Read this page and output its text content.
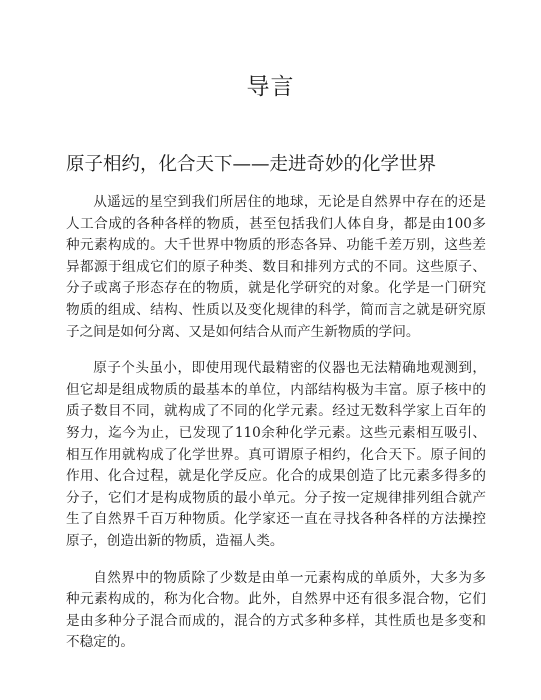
导言
原子相约，化合天下——走进奇妙的化学世界

从遥远的星空到我们所居住的地球，无论是自然界中存在的还是人工合成的各种各样的物质，甚至包括我们人体自身，都是由100多种元素构成的。大千世界中物质的形态各异、功能千差万别，这些差异都源于组成它们的原子种类、数目和排列方式的不同。这些原子、分子或离子形态存在的物质，就是化学研究的对象。化学是一门研究物质的组成、结构、性质以及变化规律的科学，简而言之就是研究原子之间是如何分离、又是如何结合从而产生新物质的学问。

原子个头虽小，即使用现代最精密的仪器也无法精确地观测到，但它却是组成物质的最基本的单位，内部结构极为丰富。原子核中的质子数目不同，就构成了不同的化学元素。经过无数科学家上百年的努力，迄今为止，已发现了110余种化学元素。这些元素相互吸引、相互作用就构成了化学世界。真可谓原子相约，化合天下。原子间的作用、化合过程，就是化学反应。化合的成果创造了比元素多得多的分子，它们才是构成物质的最小单元。分子按一定规律排列组合就产生了自然界千百万种物质。化学家还一直在寻找各种各样的方法操控原子，创造出新的物质，造福人类。

自然界中的物质除了少数是由单一元素构成的单质外，大多为多种元素构成的，称为化合物。此外，自然界中还有很多混合物，它们是由多种分子混合而成的，混合的方式多种多样，其性质也是多变和不稳定的。
